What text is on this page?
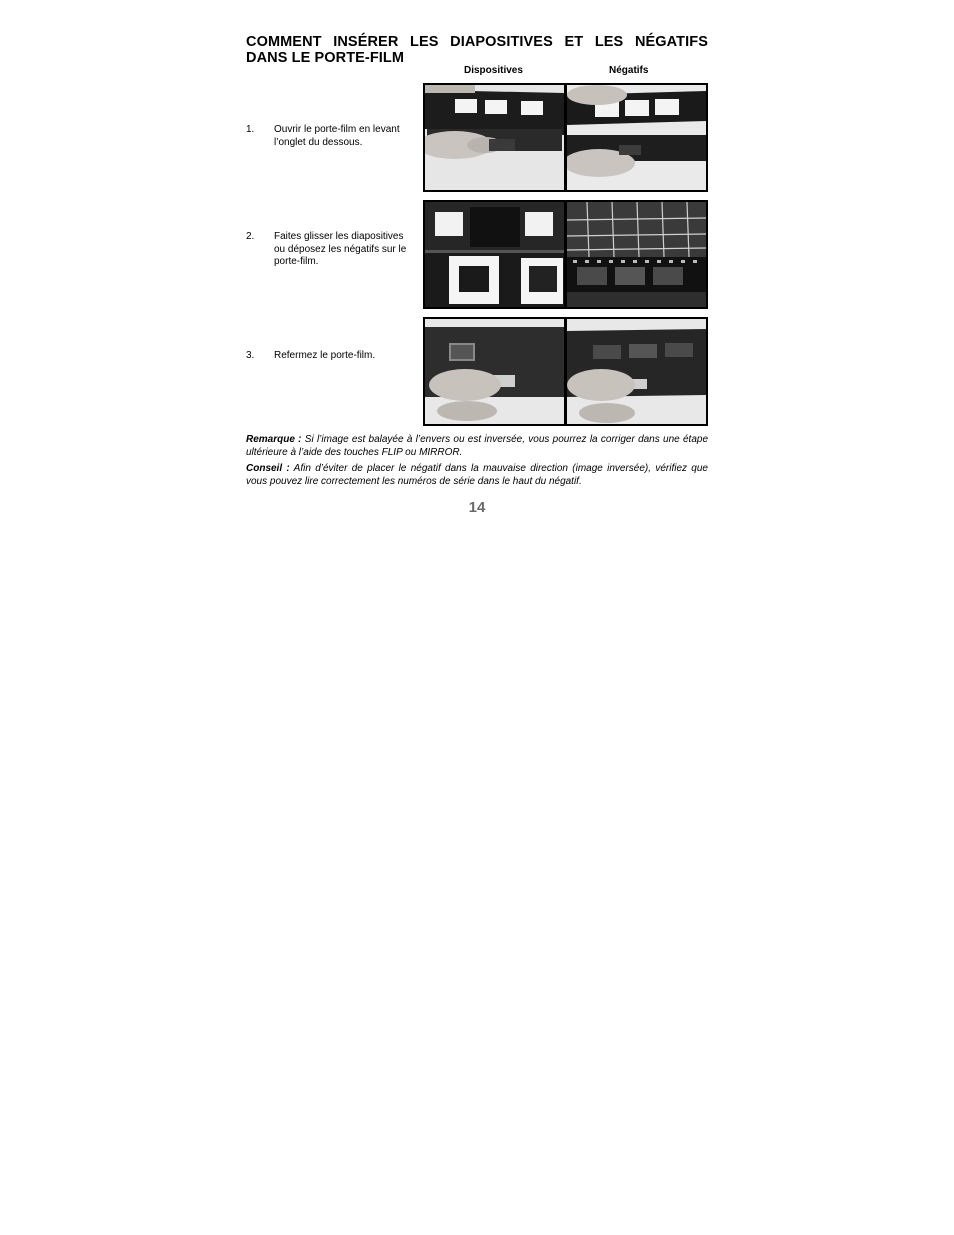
COMMENT INSÉRER LES DIAPOSITIVES ET LES NÉGATIFS DANS LE PORTE-FILM
Dispositives	Négatifs
1.	Ouvrir le porte-film en levant l’onglet du dessous.
2.	Faites glisser les diapositives ou déposez les négatifs sur le porte-film.
3.	Refermez le porte-film.
Remarque : Si l’image est balayée à l’envers ou est inversée, vous pourrez la corriger dans une étape ultérieure à l’aide des touches FLIP ou MIRROR.
Conseil : Afin d’éviter de placer le négatif dans la mauvaise direction (image inversée), vérifiez que vous pouvez lire correctement les numéros de série dans le haut du négatif.
14
